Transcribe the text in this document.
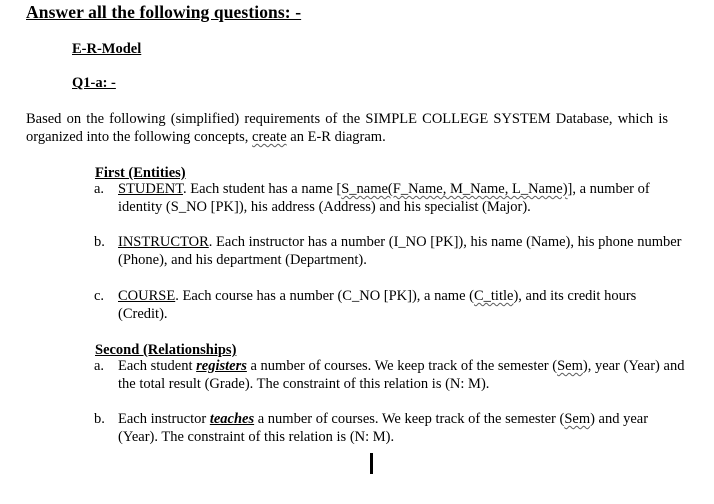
Answer all the following questions: -
E-R-Model
Q1-a: -
Based on the following (simplified) requirements of the SIMPLE COLLEGE SYSTEM Database, which is organized into the following concepts, create an E-R diagram.
First (Entities)
a. STUDENT. Each student has a name [S_name(F_Name, M_Name, L_Name)], a number of identity (S_NO [PK]), his address (Address) and his specialist (Major).
b. INSTRUCTOR. Each instructor has a number (I_NO [PK]), his name (Name), his phone number (Phone), and his department (Department).
c. COURSE. Each course has a number (C_NO [PK]), a name (C_title), and its credit hours (Credit).
Second (Relationships)
a. Each student registers a number of courses. We keep track of the semester (Sem), year (Year) and the total result (Grade). The constraint of this relation is (N: M).
b. Each instructor teaches a number of courses. We keep track of the semester (Sem) and year (Year). The constraint of this relation is (N: M).
